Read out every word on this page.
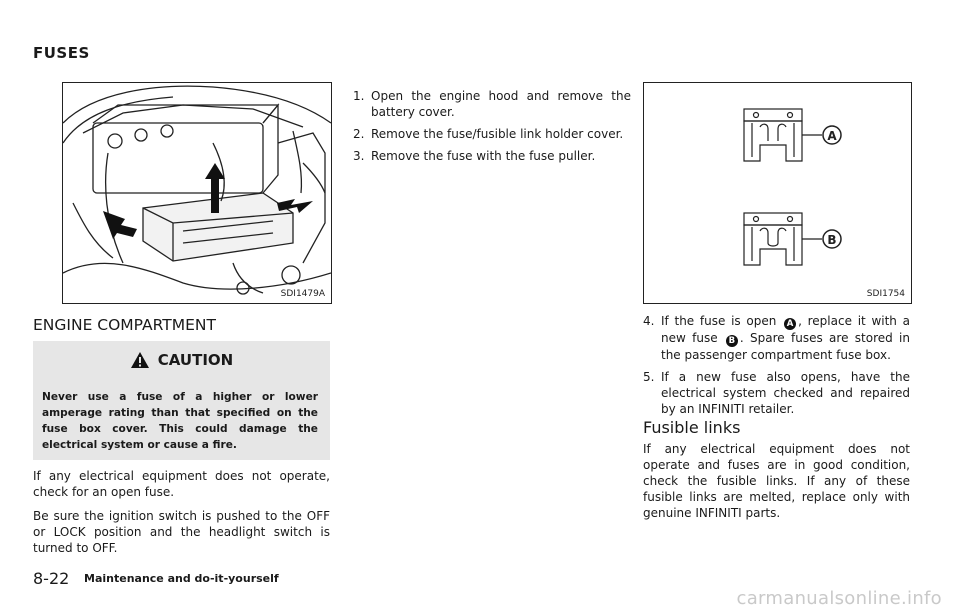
FUSES
SDI1479A
ENGINE COMPARTMENT
CAUTION
Never use a fuse of a higher or lower amperage rating than that specified on the fuse box cover. This could damage the electrical system or cause a fire.

If any electrical equipment does not operate, check for an open fuse.

Be sure the ignition switch is pushed to the OFF or LOCK position and the headlight switch is turned to OFF.

1. Open the engine hood and remove the battery cover.
2. Remove the fuse/fusible link holder cover.
3. Remove the fuse with the fuse puller.
A
B
SDI1754
4. If the fuse is open A , replace it with a new fuse B . Spare fuses are stored in the passenger compartment fuse box.
5. If a new fuse also opens, have the electrical system checked and repaired by an INFINITI retailer.
Fusible links

If any electrical equipment does not operate and fuses are in good condition, check the fusible links. If any of these fusible links are melted, replace only with genuine INFINITI parts.

8-22 Maintenance and do-it-yourself
carmanualsonline.info
